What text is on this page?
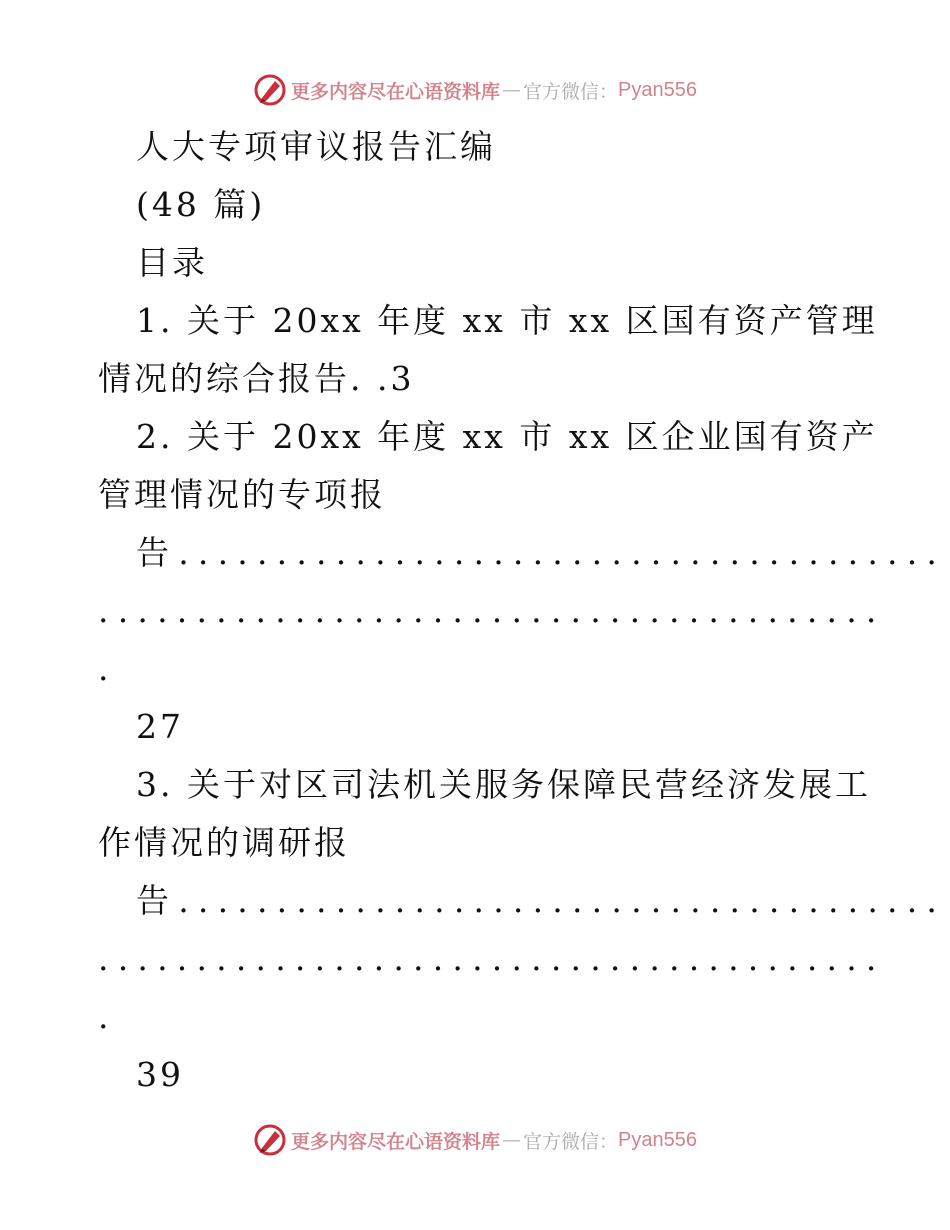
更多内容尽在心语资料库 — 官方微信： Pyan556
人大专项审议报告汇编
(48 篇)
目录
1. 关于 20xx 年度 xx 市 xx 区国有资产管理
情况的综合报告. .3
2. 关于 20xx 年度 xx 市 xx 区企业国有资产
管理情况的专项报
告.......................................
........................................
.
27
3. 关于对区司法机关服务保障民营经济发展工
作情况的调研报
告.......................................
........................................
.
39
更多内容尽在心语资料库 — 官方微信： Pyan556
